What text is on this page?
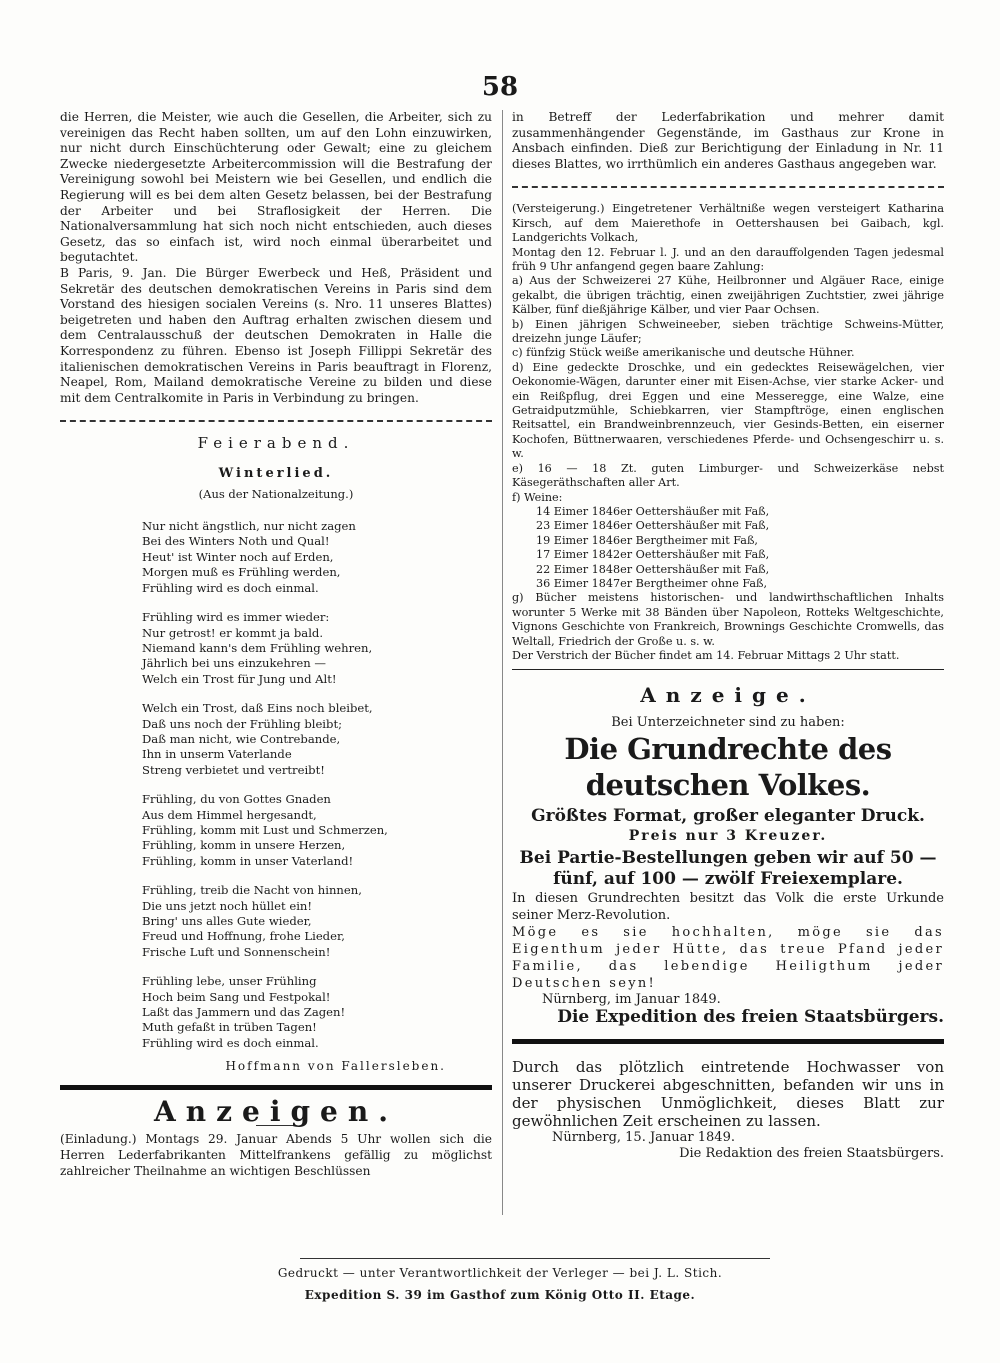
58

die Herren, die Meister, wie auch die Gesellen, die Arbeiter, sich zu vereinigen das Recht haben sollten, um auf den Lohn einzuwirken, nur nicht durch Einschüchterung oder Gewalt; eine zu gleichem Zwecke niedergesetzte Arbeitercommission will die Bestrafung der Vereinigung sowohl bei Meistern wie bei Gesellen, und endlich die Regierung will es bei dem alten Gesetz belassen, bei der Bestrafung der Arbeiter und bei Straflosigkeit der Herren. Die Nationalversammlung hat sich noch nicht entschieden, auch dieses Gesetz, das so einfach ist, wird noch einmal überarbeitet und begutachtet.

B Paris, 9. Jan. Die Bürger Ewerbeck und Heß, Präsident und Sekretär des deutschen demokratischen Vereins in Paris sind dem Vorstand des hiesigen socialen Vereins (s. Nro. 11 unseres Blattes) beigetreten und haben den Auftrag erhalten zwischen diesem und dem Centralausschuß der deutschen Demokraten in Halle die Korrespondenz zu führen. Ebenso ist Joseph Fillippi Sekretär des italienischen demokratischen Vereins in Paris beauftragt in Florenz, Neapel, Rom, Mailand demokratische Vereine zu bilden und diese mit dem Centralkomite in Paris in Verbindung zu bringen.

Feierabend.
Winterlied.
(Aus der Nationalzeitung.)
Nur nicht ängstlich, nur nicht zagen
Bei des Winters Noth und Qual!
Heut' ist Winter noch auf Erden,
Morgen muß es Frühling werden,
Frühling wird es doch einmal.
Frühling wird es immer wieder:
Nur getrost! er kommt ja bald.
Niemand kann's dem Frühling wehren,
Jährlich bei uns einzukehren —
Welch ein Trost für Jung und Alt!
Welch ein Trost, daß Eins noch bleibet,
Daß uns noch der Frühling bleibt;
Daß man nicht, wie Contrebande,
Ihn in unserm Vaterlande
Streng verbietet und vertreibt!
Frühling, du von Gottes Gnaden
Aus dem Himmel hergesandt,
Frühling, komm mit Lust und Schmerzen,
Frühling, komm in unsere Herzen,
Frühling, komm in unser Vaterland!
Frühling, treib die Nacht von hinnen,
Die uns jetzt noch hüllet ein!
Bring' uns alles Gute wieder,
Freud und Hoffnung, frohe Lieder,
Frische Luft und Sonnenschein!
Frühling lebe, unser Frühling
Hoch beim Sang und Festpokal!
Laßt das Jammern und das Zagen!
Muth gefaßt in trüben Tagen!
Frühling wird es doch einmal.
Hoffmann von Fallersleben.
Anzeigen.

(Einladung.) Montags 29. Januar Abends 5 Uhr wollen sich die Herren Lederfabrikanten Mittelfrankens gefällig zu möglichst zahlreicher Theilnahme an wichtigen Beschlüssen

in Betreff der Lederfabrikation und mehrer damit zusammenhängender Gegenstände, im Gasthaus zur Krone in Ansbach einfinden. Dieß zur Berichtigung der Einladung in Nr. 11 dieses Blattes, wo irrthümlich ein anderes Gasthaus angegeben war.

(Versteigerung.) Eingetretener Verhältniße wegen versteigert Katharina Kirsch, auf dem Maierethofe in Oettershausen bei Gaibach, kgl. Landgerichts Volkach,

Montag den 12. Februar l. J. und an den darauffolgenden Tagen jedesmal früh 9 Uhr anfangend gegen baare Zahlung:

a) Aus der Schweizerei 27 Kühe, Heilbronner und Algäuer Race, einige gekalbt, die übrigen trächtig, einen zweijährigen Zuchtstier, zwei jährige Kälber, fünf dießjährige Kälber, und vier Paar Ochsen.
b) Einen jährigen Schweineeber, sieben trächtige Schweins-Mütter, dreizehn junge Läufer;
c) fünfzig Stück weiße amerikanische und deutsche Hühner.
d) Eine gedeckte Droschke, und ein gedecktes Reisewägelchen, vier Oekonomie-Wägen, darunter einer mit Eisen-Achse, vier starke Acker- und ein Reißpflug, drei Eggen und eine Messeregge, eine Walze, eine Getraidputzmühle, Schiebkarren, vier Stampftröge, einen englischen Reitsattel, ein Brandweinbrennzeuch, vier Gesinds-Betten, ein eiserner Kochofen, Büttnerwaaren, verschiedenes Pferde- und Ochsengeschirr u. s. w.
e) 16 — 18 Zt. guten Limburger- und Schweizerkäse nebst Käsegeräthschaften aller Art.
f) Weine:
14 Eimer 1846er Oettershäußer mit Faß,
23 Eimer 1846er Oettershäußer mit Faß,
19 Eimer 1846er Bergtheimer mit Faß,
17 Eimer 1842er Oettershäußer mit Faß,
22 Eimer 1848er Oettershäußer mit Faß,
36 Eimer 1847er Bergtheimer ohne Faß,

g) Bücher meistens historischen- und landwirthschaftlichen Inhalts worunter 5 Werke mit 38 Bänden über Napoleon, Rotteks Weltgeschichte, Vignons Geschichte von Frankreich, Brownings Geschichte Cromwells, das Weltall, Friedrich der Große u. s. w.

Der Verstrich der Bücher findet am 14. Februar Mittags 2 Uhr statt.

Anzeige.

Bei Unterzeichneter sind zu haben:

Die Grundrechte des deutschen Volkes.
Größtes Format, großer eleganter Druck.
Preis nur 3 Kreuzer.
Bei Partie-Bestellungen geben wir auf 50 — fünf, auf 100 — zwölf Freiexemplare.

In diesen Grundrechten besitzt das Volk die erste Urkunde seiner Merz-Revolution.

Möge es sie hochhalten, möge sie das Eigenthum jeder Hütte, das treue Pfand jeder Familie, das lebendige Heiligthum jeder Deutschen seyn!

Nürnberg, im Januar 1849.
Die Expedition des freien Staatsbürgers.

Durch das plötzlich eintretende Hochwasser von unserer Druckerei abgeschnitten, befanden wir uns in der physischen Unmöglichkeit, dieses Blatt zur gewöhnlichen Zeit erscheinen zu lassen.

Nürnberg, 15. Januar 1849.
Die Redaktion des freien Staatsbürgers.
Gedruckt — unter Verantwortlichkeit der Verleger — bei J. L. Stich.
Expedition S. 39 im Gasthof zum König Otto II. Etage.
